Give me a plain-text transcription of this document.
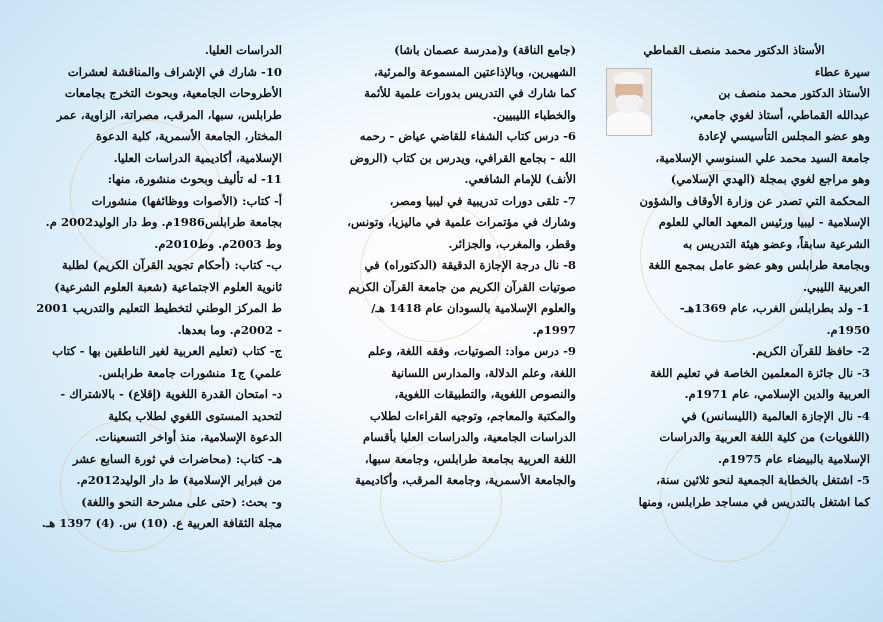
الأستاذ الدكتور محمد منصف القماطي

سيرة عطاء

الأستاذ الدكتور محمد منصف بن

عبدالله القماطي، أستاذ لغوي جامعي،

وهو عضو المجلس التأسيسي لإعادة

جامعة السيد محمد علي السنوسي الإسلامية،

وهو مراجع لغوي بمجلة (الهدي الإسلامي)

المحكمة التي تصدر عن وزارة الأوقاف والشؤون

الإسلامية - ليبيا ورئيس المعهد العالي للعلوم

الشرعية سابقاً، وعضو هيئة التدريس به

وبجامعة طرابلس وهو عضو عامل بمجمع اللغة

العربية الليبي.

1- ولد بطرابلس الغرب، عام 1369هـ-

1950م.

2- حافظ للقرآن الكريم.

3- نال جائزة المعلمين الخاصة في تعليم اللغة

العربية والدين الإسلامي، عام 1971م.

4- نال الإجازة العالمية (الليسانس) في

(اللغويات) من كلية اللغة العربية والدراسات

الإسلامية بالبيضاء عام 1975م.

5- اشتغل بالخطابة الجمعية لنحو ثلاثين سنة،

كما اشتغل بالتدريس في مساجد طرابلس، ومنها

(جامع الناقة) و(مدرسة عصمان باشا)

الشهيرين، وبالإذاعتين المسموعة والمرئية،

كما شارك في التدريس بدورات علمية للأئمة

والخطباء الليبيين.

6- درس كتاب الشفاء للقاضي عياض - رحمه

الله - بجامع القرافي، ويدرس بن كتاب (الروض

الأنف) للإمام الشافعي.

7- تلقى دورات تدريبية في ليبيا ومصر،

وشارك في مؤتمرات علمية في ماليزيا، وتونس،

وقطر، والمغرب، والجزائر.

8- نال درجة الإجازة الدقيقة (الدكتوراه) في

صوتيات القرآن الكريم من جامعة القرآن الكريم

والعلوم الإسلامية بالسودان عام 1418 هـ/

1997م.

9- درس مواد: الصوتيات، وفقه اللغة، وعلم

اللغة، وعلم الدلالة، والمدارس اللسانية

والنصوص اللغوية، والتطبيقات اللغوية،

والمكتبة والمعاجم، وتوجيه القراءات لطلاب

الدراسات الجامعية، والدراسات العليا بأقسام

اللغة العربية بجامعة طرابلس، وجامعة سبها،

والجامعة الأسمرية، وجامعة المرقب، وأكاديمية

الدراسات العليا.

10- شارك في الإشراف والمناقشة لعشرات

الأطروحات الجامعية، وبحوث التخرج بجامعات

طرابلس، سبها، المرقب، مصراتة، الزاوية، عمر

المختار، الجامعة الأسمرية، كلية الدعوة

الإسلامية، أكاديمية الدراسات العليا.

11- له تأليف وبحوث منشورة، منها:

أ- كتاب: (الأصوات ووظائفها) منشورات

بجامعة طرابلس1986م. وط دار الوليد2002 م.

وط 2003م. وط2010م.

ب- كتاب: (أحكام تجويد القرآن الكريم) لطلبة

ثانوية العلوم الاجتماعية (شعبة العلوم الشرعية)

ط المركز الوطني لتخطيط التعليم والتدريب 2001

- 2002م. وما بعدها.

ج- كتاب (تعليم العربية لغير الناطقين بها - كتاب

علمي) ج1 منشورات جامعة طرابلس.

د- امتحان القدرة اللغوية (إقلاع) - بالاشتراك -

لتحديد المستوى اللغوي لطلاب بكلية

الدعوة الإسلامية، منذ أواخر التسعينات.

هـ- كتاب: (محاضرات في ثورة السابع عشر

من فبراير الإسلامية) ط دار الوليد2012م.

و- بحث: (حتى على مشرحة النحو واللغة)

مجلة الثقافة العربية ع. (10) س. (4) 1397 هـ.
